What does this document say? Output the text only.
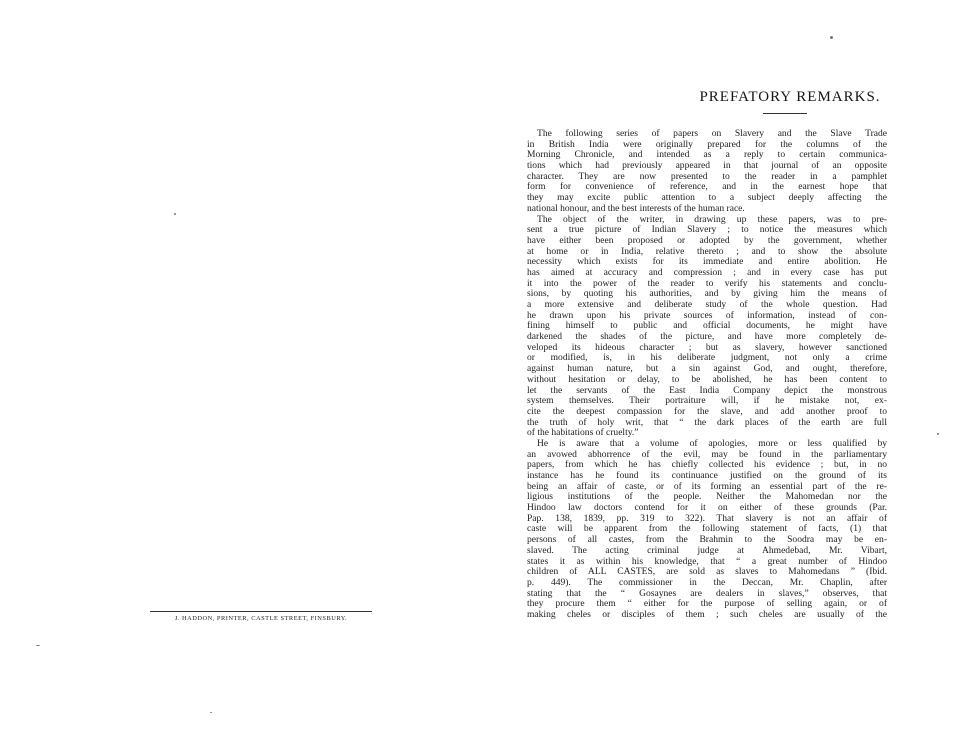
J. HADDON, PRINTER, CASTLE STREET, FINSBURY.
PREFATORY REMARKS.
The following series of papers on Slavery and the Slave Trade
in British India were originally prepared for the columns of the
Morning Chronicle, and intended as a reply to certain communica-
tions which had previously appeared in that journal of an opposite
character. They are now presented to the reader in a pamphlet
form for convenience of reference, and in the earnest hope that
they may excite public attention to a subject deeply affecting the
national honour, and the best interests of the human race.
The object of the writer, in drawing up these papers, was to pre-
sent a true picture of Indian Slavery ; to notice the measures which
have either been proposed or adopted by the government, whether
at home or in India, relative thereto ; and to show the absolute
necessity which exists for its immediate and entire abolition. He
has aimed at accuracy and compression ; and in every case has put
it into the power of the reader to verify his statements and conclu-
sions, by quoting his authorities, and by giving him the means of
a more extensive and deliberate study of the whole question. Had
he drawn upon his private sources of information, instead of con-
fining himself to public and official documents, he might have
darkened the shades of the picture, and have more completely de-
veloped its hideous character ; but as slavery, however sanctioned
or modified, is, in his deliberate judgment, not only a crime
against human nature, but a sin against God, and ought, therefore,
without hesitation or delay, to be abolished, he has been content to
let the servants of the East India Company depict the monstrous
system themselves. Their portraiture will, if he mistake not, ex-
cite the deepest compassion for the slave, and add another proof to
the truth of holy writ, that “ the dark places of the earth are full
of the habitations of cruelty.”
He is aware that a volume of apologies, more or less qualified by
an avowed abhorrence of the evil, may be found in the parliamentary
papers, from which he has chiefly collected his evidence ; but, in no
instance has he found its continuance justified on the ground of its
being an affair of caste, or of its forming an essential part of the re-
ligious institutions of the people. Neither the Mahomedan nor the
Hindoo law doctors contend for it on either of these grounds (Par.
Pap. 138, 1839, pp. 319 to 322). That slavery is not an affair of
caste will be apparent from the following statement of facts, (1) that
persons of all castes, from the Brahmin to the Soodra may be en-
slaved. The acting criminal judge at Ahmedebad, Mr. Vibart,
states it as within his knowledge, that “ a great number of Hindoo
children of ALL CASTES, are sold as slaves to Mahomedans ” (Ibid.
p. 449). The commissioner in the Deccan, Mr. Chaplin, after
stating that the “ Gosaynes are dealers in slaves,” observes, that
they procure them “ either for the purpose of selling again, or of
making cheles or disciples of them ; such cheles are usually of the
